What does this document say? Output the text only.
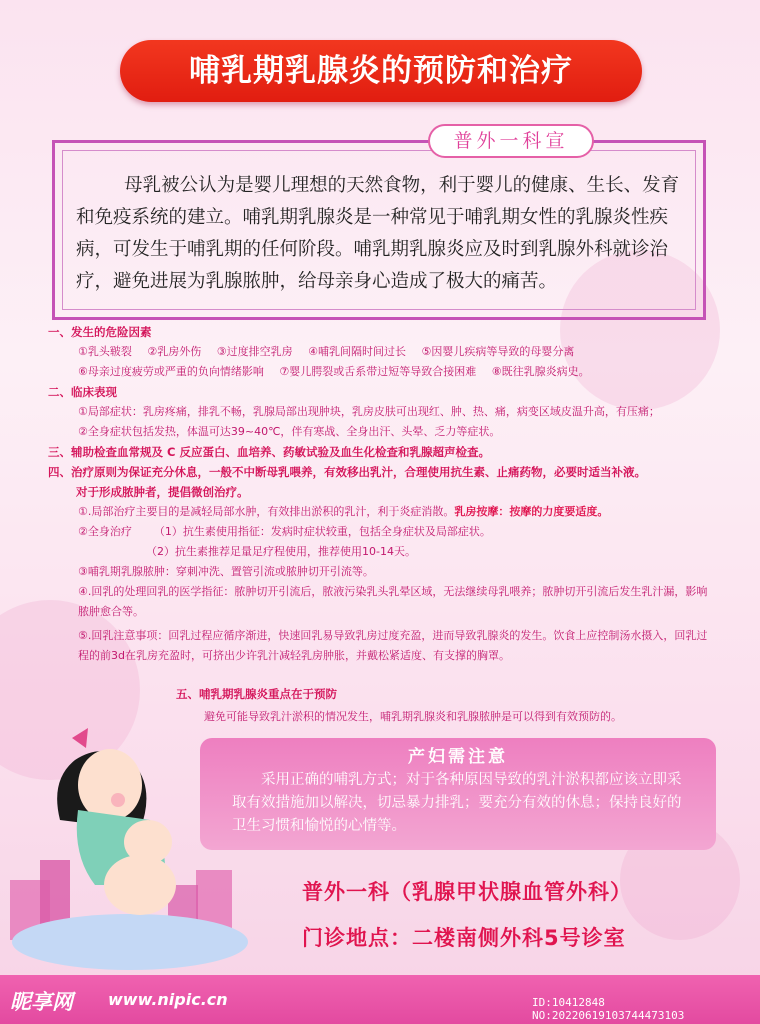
哺乳期乳腺炎的预防和治疗
普外一科宣

母乳被公认为是婴儿理想的天然食物，利于婴儿的健康、生长、发育和免疫系统的建立。哺乳期乳腺炎是一种常见于哺乳期女性的乳腺炎性疾病，可发生于哺乳期的任何阶段。哺乳期乳腺炎应及时到乳腺外科就诊治疗，避免进展为乳腺脓肿，给母亲身心造成了极大的痛苦。

一、发生的危险因素
①乳头皲裂 ②乳房外伤 ③过度排空乳房 ④哺乳间隔时间过长 ⑤因婴儿疾病等导致的母婴分离
⑥母亲过度疲劳或严重的负向情绪影响 ⑦婴儿腭裂或舌系带过短等导致合接困难 ⑧既往乳腺炎病史。
二、临床表现
①局部症状：乳房疼痛，排乳不畅，乳腺局部出现肿块，乳房皮肤可出现红、肿、热、痛，病变区域皮温升高，有压痛；
②全身症状包括发热，体温可达39~40℃，伴有寒战、全身出汗、头晕、乏力等症状。
三、辅助检查血常规及 C 反应蛋白、血培养、药敏试验及血生化检查和乳腺超声检查。
四、治疗原则为保证充分休息，一般不中断母乳喂养，有效移出乳汁，合理使用抗生素、止痛药物，必要时适当补液。
对于形成脓肿者，提倡微创治疗。
①.局部治疗主要目的是减轻局部水肿，有效排出淤积的乳汁，利于炎症消散。乳房按摩：按摩的力度要适度。
②全身治疗 （1）抗生素使用指征：发病时症状较重，包括全身症状及局部症状。
（2）抗生素推荐足量足疗程使用，推荐使用10-14天。
③哺乳期乳腺脓肿：穿刺冲洗、置管引流或脓肿切开引流等。
④.回乳的处理回乳的医学指征：脓肿切开引流后，脓液污染乳头乳晕区域，无法继续母乳喂养；脓肿切开引流后发生乳汁漏，影响脓肿愈合等。
⑤.回乳注意事项：回乳过程应循序渐进，快速回乳易导致乳房过度充盈，进而导致乳腺炎的发生。饮食上应控制汤水摄入，回乳过程的前3d在乳房充盈时，可挤出少许乳汁减轻乳房肿胀，并戴松紧适度、有支撑的胸罩。
五、哺乳期乳腺炎重点在于预防
避免可能导致乳汁淤积的情况发生，哺乳期乳腺炎和乳腺脓肿是可以得到有效预防的。
产妇需注意

采用正确的哺乳方式；对于各种原因导致的乳汁淤积都应该立即采取有效措施加以解决，切忌暴力排乳；要充分有效的休息；保持良好的卫生习惯和愉悦的心情等。

普外一科（乳腺甲状腺血管外科）
门诊地点：二楼南侧外科5号诊室
昵享网 www.nipic.cn	ID:10412848 NO:20220619103744473103
